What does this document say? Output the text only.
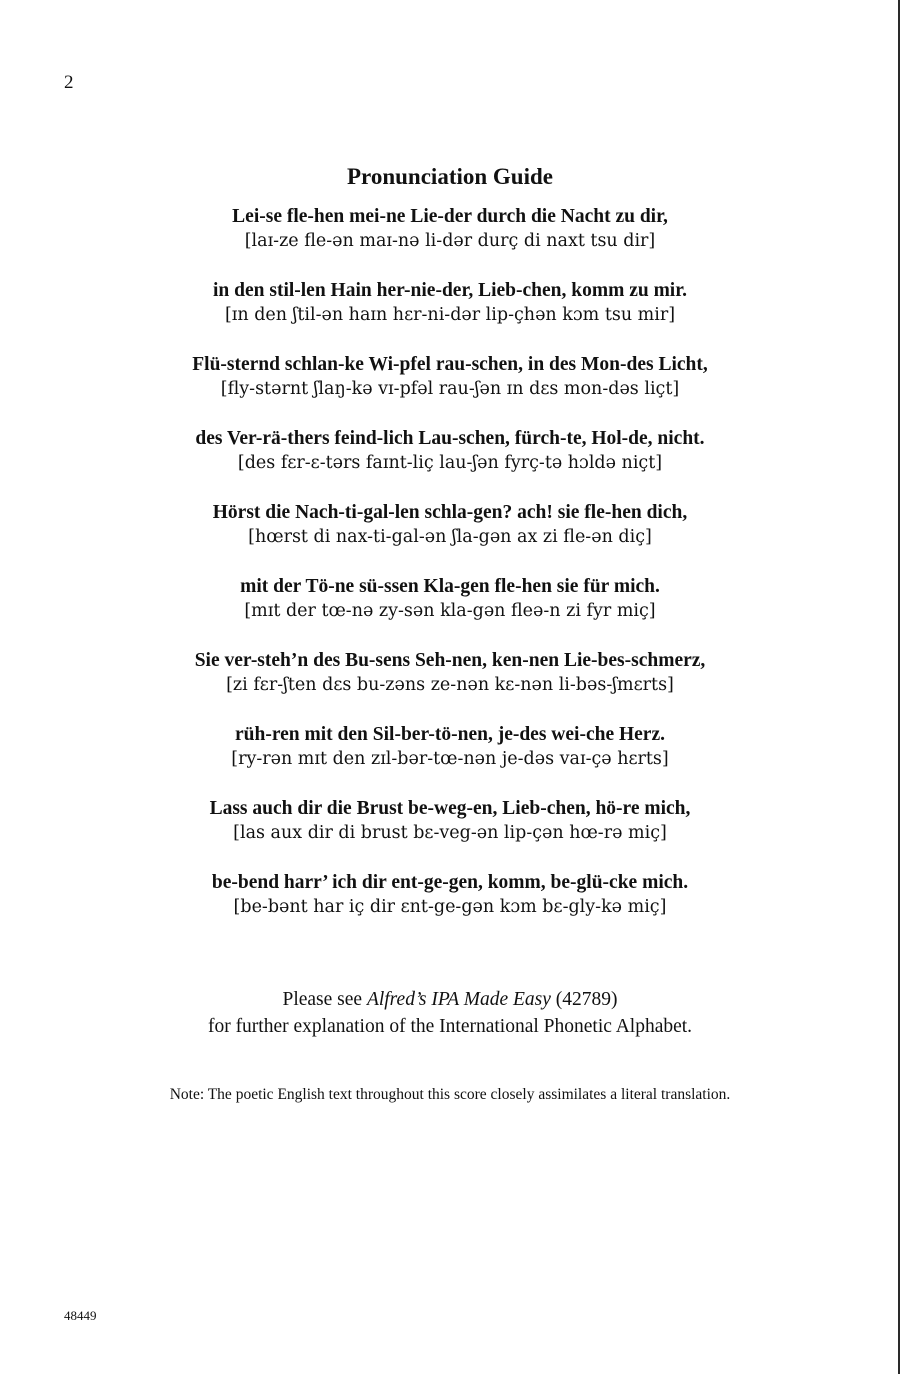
2
Pronunciation Guide
Lei-se fle-hen mei-ne Lie-der durch die Nacht zu dir,
[laɪ-ze fle-ən maɪ-nə li-dər durç di naxt tsu dir]
in den stil-len Hain her-nie-der, Lieb-chen, komm zu mir.
[ɪn den ʃtil-ən haɪn hɛr-ni-dər lip-çhən kɔm tsu mir]
Flü-sternd schlan-ke Wi-pfel rau-schen, in des Mon-des Licht,
[fly-stərnt ʃlaŋ-kə vɪ-pfəl rau-ʃən ɪn dɛs mon-dəs liçt]
des Ver-rä-thers feind-lich Lau-schen, fürch-te, Hol-de, nicht.
[des fɛr-ɛ-tərs faɪnt-liç lau-ʃən fyrç-tə hɔldə niçt]
Hörst die Nach-ti-gal-len schla-gen? ach! sie fle-hen dich,
[hœrst di nax-ti-gal-ən ʃla-gən ax zi fle-ən diç]
mit der Tö-ne sü-ssen Kla-gen fle-hen sie für mich.
[mɪt der tœ-nə zy-sən kla-gən fleə-n zi fyr miç]
Sie ver-steh’n des Bu-sens Seh-nen, ken-nen Lie-bes-schmerz,
[zi fɛr-ʃten dɛs bu-zəns ze-nən kɛ-nən li-bəs-ʃmɛrts]
rüh-ren mit den Sil-ber-tö-nen, je-des wei-che Herz.
[ry-rən mɪt den zɪl-bər-tœ-nən je-dəs vaɪ-çə hɛrts]
Lass auch dir die Brust be-weg-en, Lieb-chen, hö-re mich,
[las aux dir di brust bɛ-veg-ən lip-çən hœ-rə miç]
be-bend harr’ ich dir ent-ge-gen, komm, be-glü-cke mich.
[be-bənt har iç dir ɛnt-ge-gən kɔm bɛ-gly-kə miç]
Please see Alfred’s IPA Made Easy (42789)
for further explanation of the International Phonetic Alphabet.
Note: The poetic English text throughout this score closely assimilates a literal translation.
48449
